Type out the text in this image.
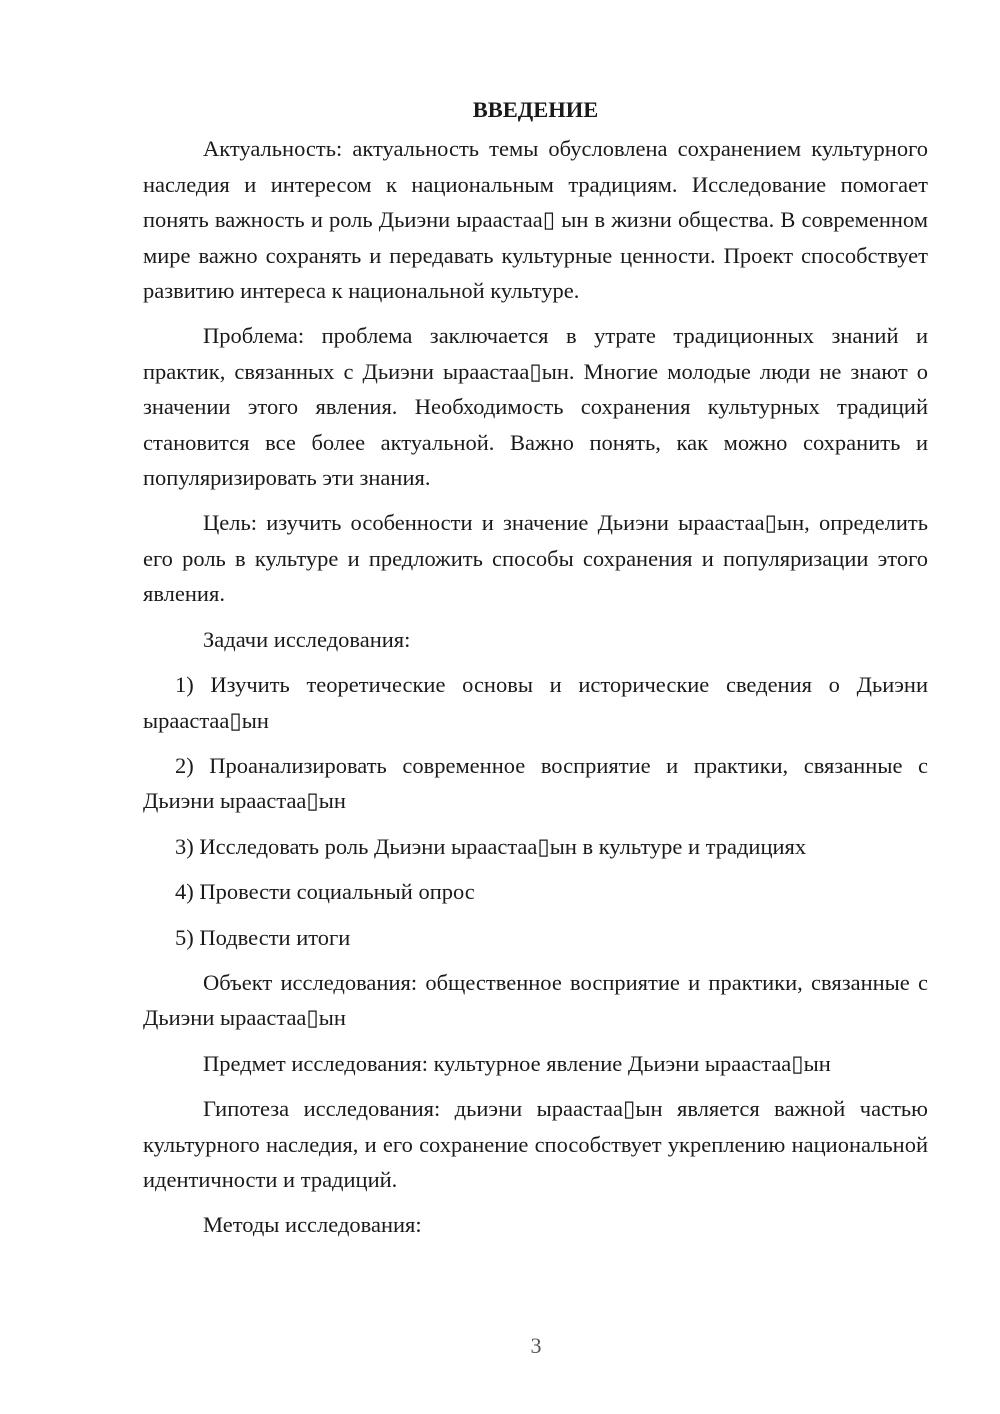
ВВЕДЕНИЕ

Актуальность: актуальность темы обусловлена сохранением культурного наследия и интересом к национальным традициям. Исследование помогает понять важность и роль Дьиэни ыраастаа▯ ын в жизни общества. В современном мире важно сохранять и передавать культурные ценности. Проект способствует развитию интереса к национальной культуре.

Проблема: проблема заключается в утрате традиционных знаний и практик, связанных с Дьиэни ыраастаа▯ын. Многие молодые люди не знают о значении этого явления. Необходимость сохранения культурных традиций становится все более актуальной. Важно понять, как можно сохранить и популяризировать эти знания.

Цель: изучить особенности и значение Дьиэни ыраастаа▯ын, определить его роль в культуре и предложить способы сохранения и популяризации этого явления.

Задачи исследования:

1) Изучить теоретические основы и исторические сведения о Дьиэни ыраастаа▯ын

2) Проанализировать современное восприятие и практики, связанные с Дьиэни ыраастаа▯ын

3) Исследовать роль Дьиэни ыраастаа▯ын в культуре и традициях

4) Провести социальный опрос

5) Подвести итоги

Объект исследования: общественное восприятие и практики, связанные с Дьиэни ыраастаа▯ын

Предмет исследования: культурное явление Дьиэни ыраастаа▯ын

Гипотеза исследования: дьиэни ыраастаа▯ын является важной частью культурного наследия, и его сохранение способствует укреплению национальной идентичности и традиций.

Методы исследования:

3
